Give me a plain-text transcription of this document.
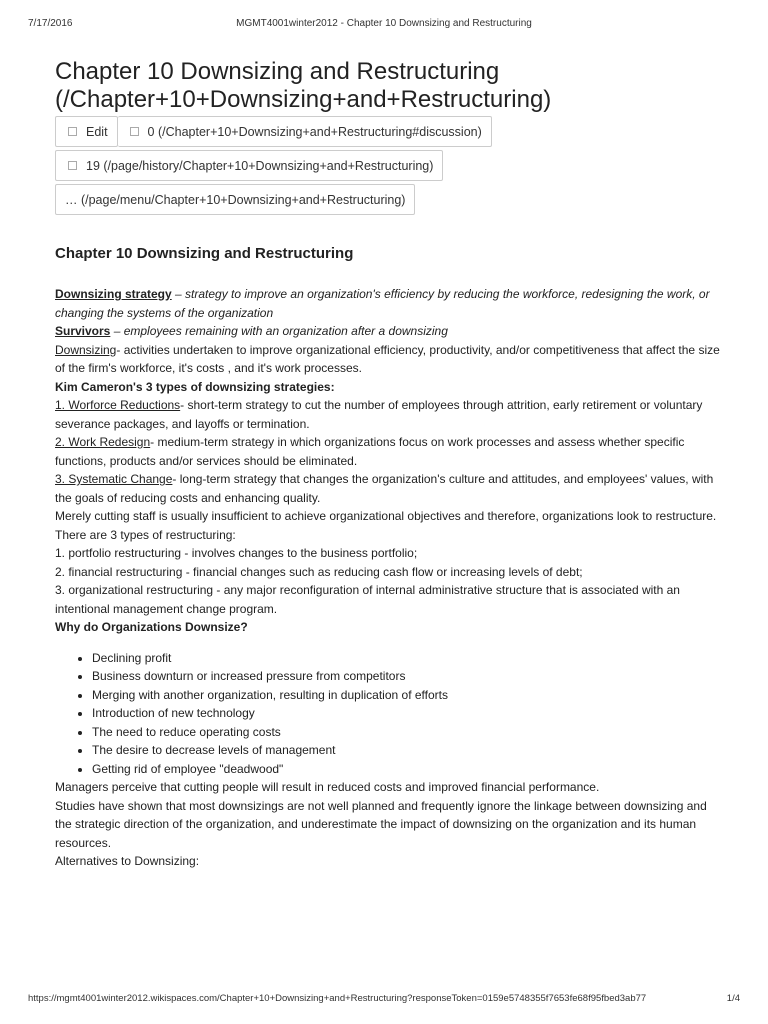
7/17/2016	MGMT4001winter2012 - Chapter 10 Downsizing and Restructuring
Chapter 10 Downsizing and Restructuring
(/Chapter+10+Downsizing+and+Restructuring)
Edit	0 (/Chapter+10+Downsizing+and+Restructuring#discussion)
19 (/page/history/Chapter+10+Downsizing+and+Restructuring)
… (/page/menu/Chapter+10+Downsizing+and+Restructuring)
Chapter 10 Downsizing and Restructuring

Downsizing strategy – strategy to improve an organization's efficiency by reducing the workforce, redesigning the work, or changing the systems of the organization

Survivors – employees remaining with an organization after a downsizing

Downsizing- activities undertaken to improve organizational efficiency, productivity, and/or competitiveness that affect the size of the firm's workforce, it's costs , and it's work processes.

Kim Cameron's 3 types of downsizing strategies:

1. Worforce Reductions- short-term strategy to cut the number of employees through attrition, early retirement or voluntary severance packages, and layoffs or termination.

2. Work Redesign- medium-term strategy in which organizations focus on work processes and assess whether specific functions, products and/or services should be eliminated.

3. Systematic Change- long-term strategy that changes the organization's culture and attitudes, and employees' values, with the goals of reducing costs and enhancing quality.

Merely cutting staff is usually insufficient to achieve organizational objectives and therefore, organizations look to restructure. There are 3 types of restructuring:

1. portfolio restructuring - involves changes to the business portfolio;

2. financial restructuring - financial changes such as reducing cash flow or increasing levels of debt;

3. organizational restructuring - any major reconfiguration of internal administrative structure that is associated with an intentional management change program.

Why do Organizations Downsize?

• Declining profit
• Business downturn or increased pressure from competitors
• Merging with another organization, resulting in duplication of efforts
• Introduction of new technology
• The need to reduce operating costs
• The desire to decrease levels of management
• Getting rid of employee "deadwood"

Managers perceive that cutting people will result in reduced costs and improved financial performance.

Studies have shown that most downsizings are not well planned and frequently ignore the linkage between downsizing and the strategic direction of the organization, and underestimate the impact of downsizing on the organization and its human resources.

Alternatives to Downsizing:

https://mgmt4001winter2012.wikispaces.com/Chapter+10+Downsizing+and+Restructuring?responseToken=0159e5748355f7653fe68f95fbed3ab77	1/4
